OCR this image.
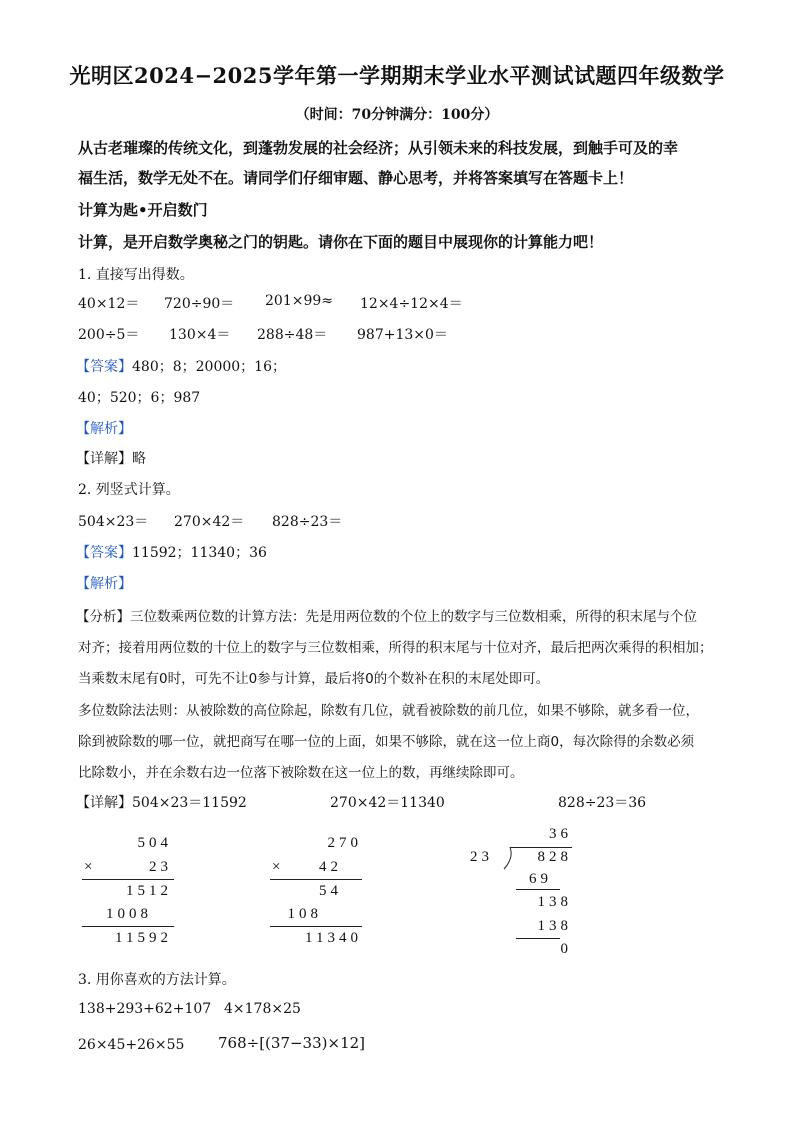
光明区2024−2025学年第一学期期末学业水平测试试题四年级数学
（时间：70分钟满分：100分）
从古老璀璨的传统文化，到蓬勃发展的社会经济；从引领未来的科技发展，到触手可及的幸
福生活，数学无处不在。请同学们仔细审题、静心思考，并将答案填写在答题卡上！
计算为匙•开启数门
计算，是开启数学奥秘之门的钥匙。请你在下面的题目中展现你的计算能力吧！
1. 直接写出得数。
40×12＝ 720÷90＝ 201×99≈ 12×4÷12×4＝
200÷5＝ 130×4＝ 288÷48＝ 987+13×0＝
【答案】480；8；20000；16；
40；520；6；987
【解析】
【详解】略
2. 列竖式计算。
504×23＝ 270×42＝ 828÷23＝
【答案】11592；11340；36
【解析】
【分析】三位数乘两位数的计算方法：先是用两位数的个位上的数字与三位数相乘，所得的积末尾与个位
对齐；接着用两位数的十位上的数字与三位数相乘，所得的积末尾与十位对齐，最后把两次乘得的积相加；
当乘数末尾有0时，可先不让0参与计算，最后将0的个数补在积的末尾处即可。
多位数除法法则：从被除数的高位除起，除数有几位，就看被除数的前几位，如果不够除，就多看一位，
除到被除数的哪一位，就把商写在哪一位的上面，如果不够除，就在这一位上商0，每次除得的余数必须
比除数小，并在余数右边一位落下被除数在这一位上的数，再继续除即可。
【详解】504×23＝11592	270×42＝11340	828÷23＝36
504
×	23
1512
1008
11592
270
× 42
54
108
11340
36
23	828
69
138
138
0
3. 用你喜欢的方法计算。
138+293+62+107 4×178×25
26×45+26×55 768÷[(37−33)×12]
